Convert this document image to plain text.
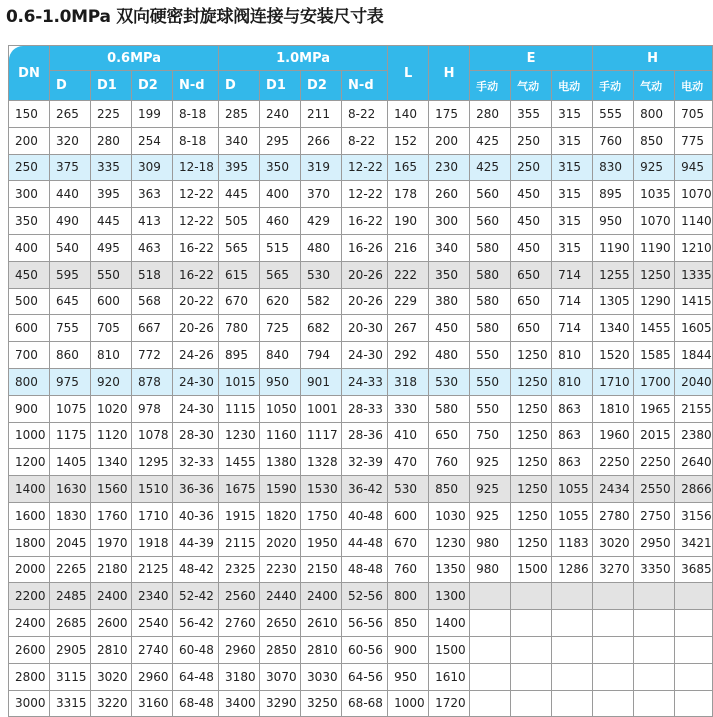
0.6-1.0MPa 双向硬密封旋球阀连接与安装尺寸表
DN	0.6MPa				1.0MPa				L	H	E			H		
	D	D1	D2	N-d	D	D1	D2	N-d			手动	气动	电动	手动	气动	电动
150	265	225	199	8-18	285	240	211	8-22	140	175	280	355	315	555	800	705
200	320	280	254	8-18	340	295	266	8-22	152	200	425	250	315	760	850	775
250	375	335	309	12-18	395	350	319	12-22	165	230	425	250	315	830	925	945
300	440	395	363	12-22	445	400	370	12-22	178	260	560	450	315	895	1035	1070
350	490	445	413	12-22	505	460	429	16-22	190	300	560	450	315	950	1070	1140
400	540	495	463	16-22	565	515	480	16-26	216	340	580	450	315	1190	1190	1210
450	595	550	518	16-22	615	565	530	20-26	222	350	580	650	714	1255	1250	1335
500	645	600	568	20-22	670	620	582	20-26	229	380	580	650	714	1305	1290	1415
600	755	705	667	20-26	780	725	682	20-30	267	450	580	650	714	1340	1455	1605
700	860	810	772	24-26	895	840	794	24-30	292	480	550	1250	810	1520	1585	1844
800	975	920	878	24-30	1015	950	901	24-33	318	530	550	1250	810	1710	1700	2040
900	1075	1020	978	24-30	1115	1050	1001	28-33	330	580	550	1250	863	1810	1965	2155
1000	1175	1120	1078	28-30	1230	1160	1117	28-36	410	650	750	1250	863	1960	2015	2380
1200	1405	1340	1295	32-33	1455	1380	1328	32-39	470	760	925	1250	863	2250	2250	2640
1400	1630	1560	1510	36-36	1675	1590	1530	36-42	530	850	925	1250	1055	2434	2550	2866
1600	1830	1760	1710	40-36	1915	1820	1750	40-48	600	1030	925	1250	1055	2780	2750	3156
1800	2045	1970	1918	44-39	2115	2020	1950	44-48	670	1230	980	1250	1183	3020	2950	3421
2000	2265	2180	2125	48-42	2325	2230	2150	48-48	760	1350	980	1500	1286	3270	3350	3685
2200	2485	2400	2340	52-42	2560	2440	2400	52-56	800	1300						
2400	2685	2600	2540	56-42	2760	2650	2610	56-56	850	1400						
2600	2905	2810	2740	60-48	2960	2850	2810	60-56	900	1500						
2800	3115	3020	2960	64-48	3180	3070	3030	64-56	950	1610						
3000	3315	3220	3160	68-48	3400	3290	3250	68-68	1000	1720						
